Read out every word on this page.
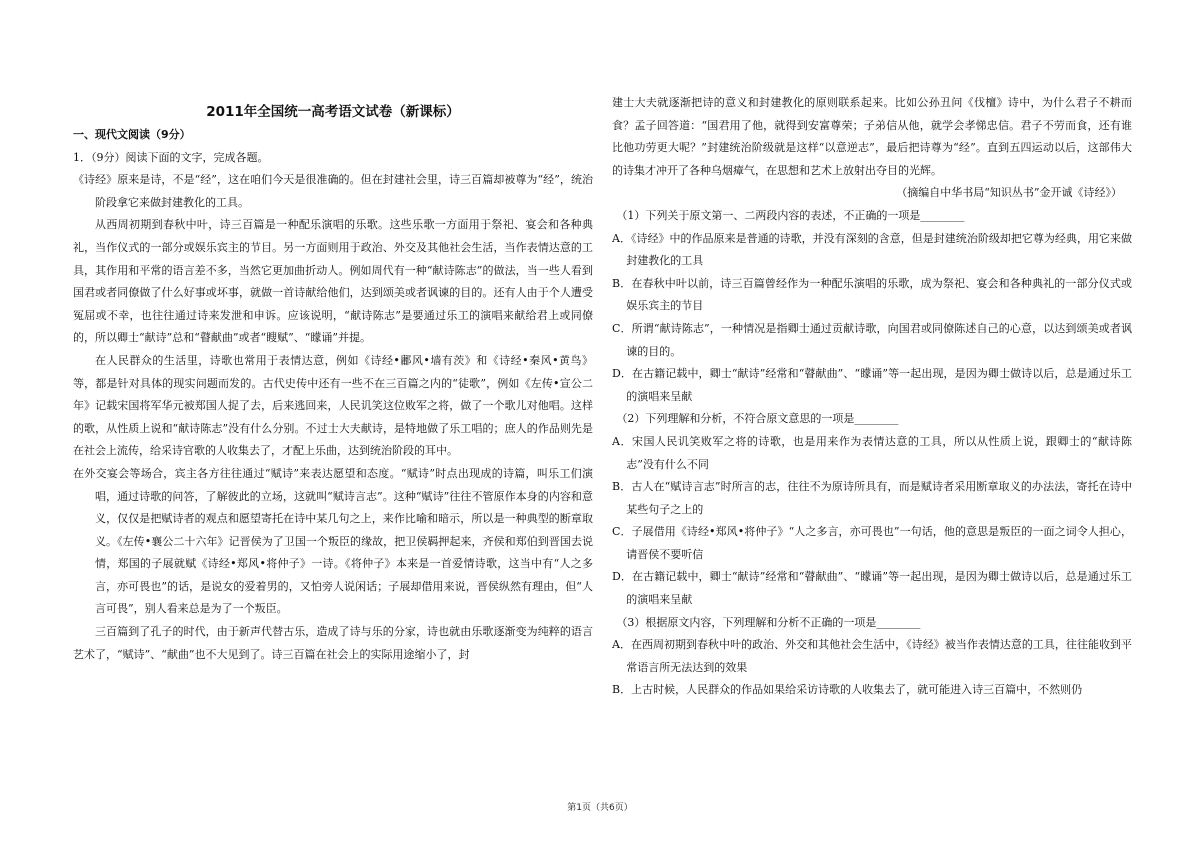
2011年全国统一高考语文试卷（新课标）

一、现代文阅读（9分）

1．（9分）阅读下面的文字，完成各题。

《诗经》原来是诗，不是“经”，这在咱们今天是很准确的。但在封建社会里，诗三百篇却被尊为“经”，统治阶段拿它来做封建教化的工具。

从西周初期到春秋中叶，诗三百篇是一种配乐演唱的乐歌。这些乐歌一方面用于祭祀、宴会和各种典礼，当作仪式的一部分或娱乐宾主的节目。另一方面则用于政治、外交及其他社会生活，当作表情达意的工具，其作用和平常的语言差不多，当然它更加曲折动人。例如周代有一种“献诗陈志”的做法，当一些人看到国君或者同僚做了什么好事或坏事，就做一首诗献给他们，达到颂美或者讽谏的目的。还有人由于个人遭受冤屈或不幸，也往往通过诗来发泄和申诉。应该说明，“献诗陈志”是要通过乐工的演唱来献给君上或同僚的，所以卿士“献诗”总和“瞽献曲”或者“瞍赋”、“矇诵”并提。

在人民群众的生活里，诗歌也常用于表情达意，例如《诗经•鄘风•墙有茨》和《诗经•秦风•黄鸟》等，都是针对具体的现实问题而发的。古代史传中还有一些不在三百篇之内的“徒歌”，例如《左传•宣公二年》记载宋国将军华元被郑国人捉了去，后来逃回来，人民讥笑这位败军之将，做了一个歌儿对他唱。这样的歌，从性质上说和“献诗陈志”没有什么分别。不过士大夫献诗，是特地做了乐工唱的；庶人的作品则先是在社会上流传，给采诗官歌的人收集去了，才配上乐曲，达到统治阶段的耳中。

在外交宴会等场合，宾主各方往往通过“赋诗”来表达愿望和态度。“赋诗”时点出现成的诗篇，叫乐工们演唱，通过诗歌的问答，了解彼此的立场，这就叫“赋诗言志”。这种“赋诗”往往不管原作本身的内容和意义，仅仅是把赋诗者的观点和愿望寄托在诗中某几句之上，来作比喻和暗示，所以是一种典型的断章取义。《左传•襄公二十六年》记晋侯为了卫国一个叛臣的缘故，把卫侯羁押起来，齐侯和郑伯到晋国去说情，郑国的子展就赋《诗经•郑风•将仲子》一诗。《将仲子》本来是一首爱情诗歌，这当中有“人之多言，亦可畏也”的话，是说女的爱着男的，又怕旁人说闲话；子展却借用来说，晋侯纵然有理由，但“人言可畏”，别人看来总是为了一个叛臣。

三百篇到了孔子的时代，由于新声代替古乐，造成了诗与乐的分家，诗也就由乐歌逐渐变为纯粹的语言艺术了，“赋诗”、“献曲”也不大见到了。诗三百篇在社会上的实际用途缩小了，封

建士大夫就逐渐把诗的意义和封建教化的原则联系起来。比如公孙丑问《伐檀》诗中，为什么君子不耕而食？孟子回答道：“国君用了他，就得到安富尊荣；子弟信从他，就学会孝悌忠信。君子不劳而食，还有谁比他功劳更大呢？”封建统治阶级就是这样“以意逆志”，最后把诗尊为“经”。直到五四运动以后，这部伟大的诗集才冲开了各种乌烟瘴气，在思想和艺术上放射出夺目的光辉。

（摘编自中华书局“知识丛书”金开诚《诗经》）

（1）下列关于原文第一、二两段内容的表述，不正确的一项是________

A．《诗经》中的作品原来是普通的诗歌，并没有深刻的含意，但是封建统治阶级却把它尊为经典，用它来做封建教化的工具

B．在春秋中叶以前，诗三百篇曾经作为一种配乐演唱的乐歌，成为祭祀、宴会和各种典礼的一部分仪式或娱乐宾主的节目

C．所谓“献诗陈志”，一种情况是指卿士通过贡献诗歌，向国君或同僚陈述自己的心意，以达到颂美或者讽谏的目的。

D．在古籍记载中，卿士“献诗”经常和“瞽献曲”、“矇诵”等一起出现，是因为卿士做诗以后，总是通过乐工的演唱来呈献

（2）下列理解和分析，不符合原文意思的一项是________

A．宋国人民讥笑败军之将的诗歌，也是用来作为表情达意的工具，所以从性质上说，跟卿士的“献诗陈志”没有什么不同

B．古人在“赋诗言志”时所言的志，往往不为原诗所具有，而是赋诗者采用断章取义的办法法，寄托在诗中某些句子之上的

C．子展借用《诗经•郑风•将仲子》“人之多言，亦可畏也”一句话，他的意思是叛臣的一面之词令人担心，请晋侯不要听信

D．在古籍记载中，卿士“献诗”经常和“瞽献曲”、“矇诵”等一起出现，是因为卿士做诗以后，总是通过乐工的演唱来呈献

（3）根据原文内容，下列理解和分析不正确的一项是________

A．在西周初期到春秋中叶的政治、外交和其他社会生活中，《诗经》被当作表情达意的工具，往往能收到平常语言所无法达到的效果

B．上古时候，人民群众的作品如果给采访诗歌的人收集去了，就可能进入诗三百篇中，不然则仍

第1页（共6页）
